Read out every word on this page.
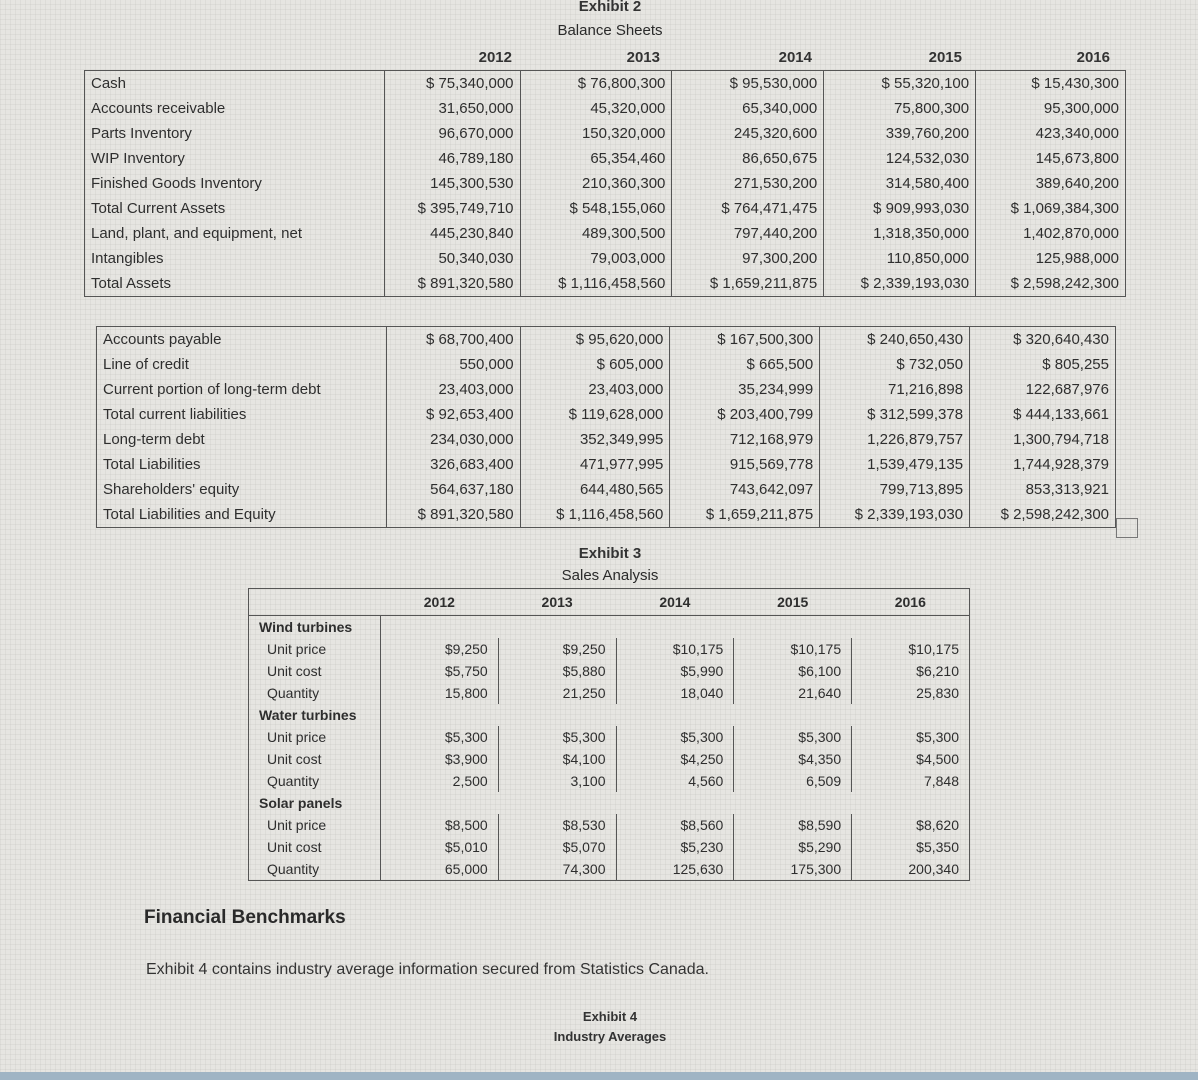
Exhibit 2
Balance Sheets
2012	2013	2014	2015	2016
Cash	$ 75,340,000	$ 76,800,300	$ 95,530,000	$ 55,320,100	$ 15,430,300
Accounts receivable	31,650,000	45,320,000	65,340,000	75,800,300	95,300,000
Parts Inventory	96,670,000	150,320,000	245,320,600	339,760,200	423,340,000
WIP Inventory	46,789,180	65,354,460	86,650,675	124,532,030	145,673,800
Finished Goods Inventory	145,300,530	210,360,300	271,530,200	314,580,400	389,640,200
Total Current Assets	$ 395,749,710	$ 548,155,060	$ 764,471,475	$ 909,993,030	$ 1,069,384,300
Land, plant, and equipment, net	445,230,840	489,300,500	797,440,200	1,318,350,000	1,402,870,000
Intangibles	50,340,030	79,003,000	97,300,200	110,850,000	125,988,000
Total Assets	$ 891,320,580	$ 1,116,458,560	$ 1,659,211,875	$ 2,339,193,030	$ 2,598,242,300
Accounts payable	$ 68,700,400	$ 95,620,000	$ 167,500,300	$ 240,650,430	$ 320,640,430
Line of credit	550,000	$ 605,000	$ 665,500	$ 732,050	$ 805,255
Current portion of long-term debt	23,403,000	23,403,000	35,234,999	71,216,898	122,687,976
Total current liabilities	$ 92,653,400	$ 119,628,000	$ 203,400,799	$ 312,599,378	$ 444,133,661
Long-term debt	234,030,000	352,349,995	712,168,979	1,226,879,757	1,300,794,718
Total Liabilities	326,683,400	471,977,995	915,569,778	1,539,479,135	1,744,928,379
Shareholders' equity	564,637,180	644,480,565	743,642,097	799,713,895	853,313,921
Total Liabilities and Equity	$ 891,320,580	$ 1,116,458,560	$ 1,659,211,875	$ 2,339,193,030	$ 2,598,242,300
Exhibit 3
Sales Analysis
	2012	2013	2014	2015	2016
Wind turbines					
Unit price	$9,250	$9,250	$10,175	$10,175	$10,175
Unit cost	$5,750	$5,880	$5,990	$6,100	$6,210
Quantity	15,800	21,250	18,040	21,640	25,830
Water turbines					
Unit price	$5,300	$5,300	$5,300	$5,300	$5,300
Unit cost	$3,900	$4,100	$4,250	$4,350	$4,500
Quantity	2,500	3,100	4,560	6,509	7,848
Solar panels					
Unit price	$8,500	$8,530	$8,560	$8,590	$8,620
Unit cost	$5,010	$5,070	$5,230	$5,290	$5,350
Quantity	65,000	74,300	125,630	175,300	200,340
Financial Benchmarks
Exhibit 4 contains industry average information secured from Statistics Canada.
Exhibit 4
Industry Averages
